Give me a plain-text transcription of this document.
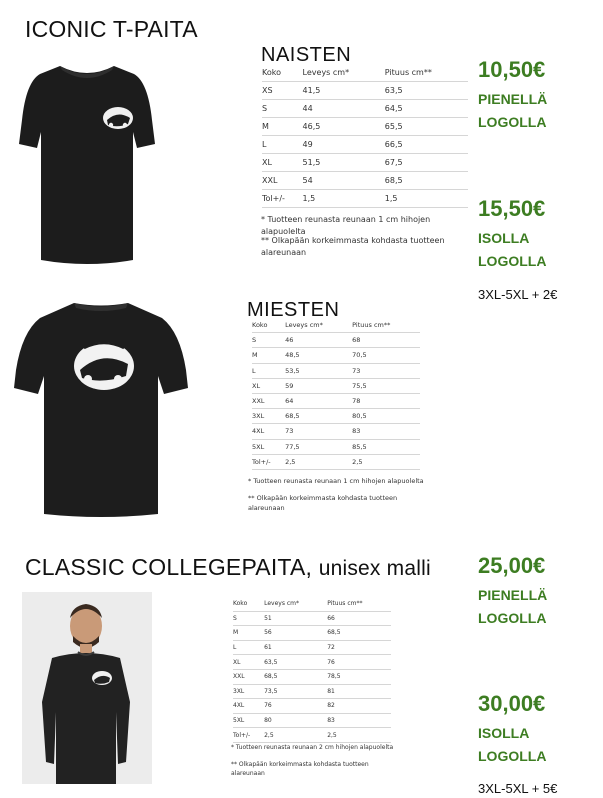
ICONIC T-PAITA
NAISTEN
Koko	Leveys cm*	Pituus cm**
XS	41,5	63,5
S	44	64,5
M	46,5	65,5
L	49	66,5
XL	51,5	67,5
XXL	54	68,5
Tol+/-	1,5	1,5
* Tuotteen reunasta reunaan 1 cm hihojen alapuolelta
** Olkapään korkeimmasta kohdasta tuotteen alareunaan
MIESTEN
Koko	Leveys cm*	Pituus cm**
S	46	68
M	48,5	70,5
L	53,5	73
XL	59	75,5
XXL	64	78
3XL	68,5	80,5
4XL	73	83
5XL	77,5	85,5
Tol+/-	2,5	2,5
* Tuotteen reunasta reunaan 1 cm hihojen alapuolelta
** Olkapään korkeimmasta kohdasta tuotteen alareunaan
10,50€
PIENELLÄ
LOGOLLA
15,50€
ISOLLA
LOGOLLA
3XL-5XL + 2€
CLASSIC COLLEGEPAITA, unisex malli
Koko	Leveys cm*	Pituus cm**
S	51	66
M	56	68,5
L	61	72
XL	63,5	76
XXL	68,5	78,5
3XL	73,5	81
4XL	76	82
5XL	80	83
Tol+/-	2,5	2,5
* Tuotteen reunasta reunaan 2 cm hihojen alapuolelta
** Olkapään korkeimmasta kohdasta tuotteen alareunaan
25,00€
PIENELLÄ
LOGOLLA
30,00€
ISOLLA
LOGOLLA
3XL-5XL + 5€
